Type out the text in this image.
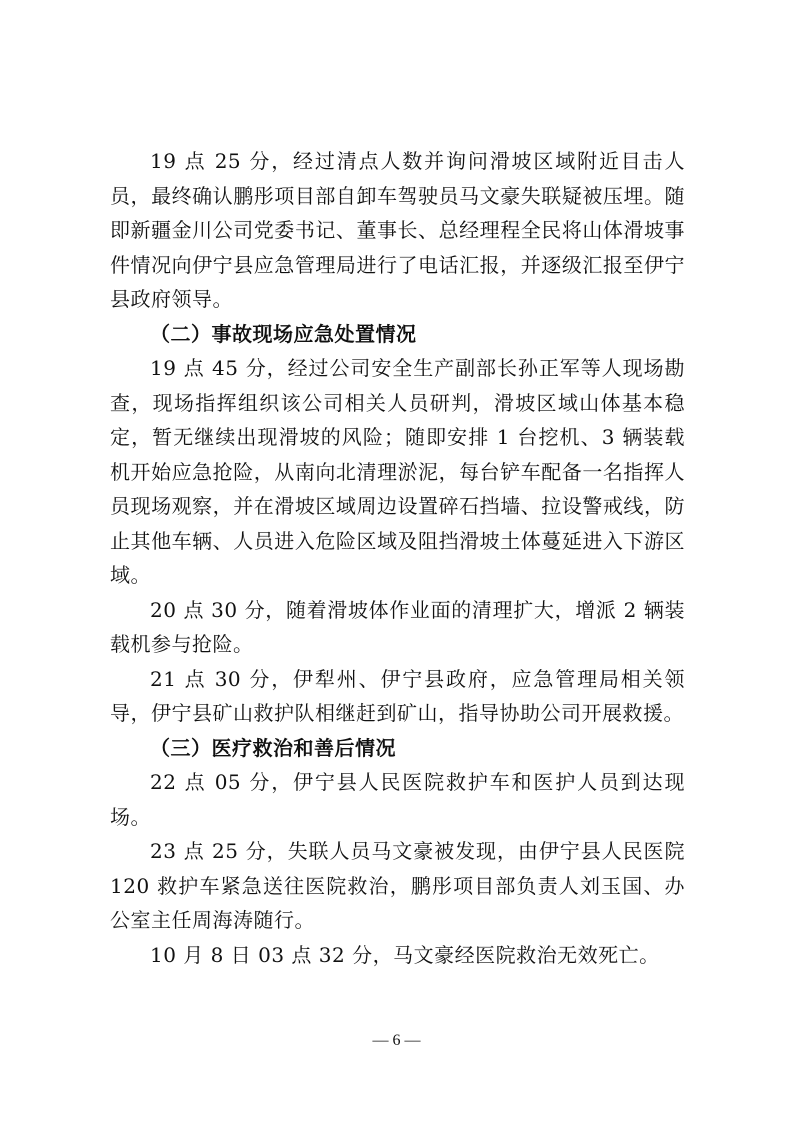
19 点 25 分，经过清点人数并询问滑坡区域附近目击人员，最终确认鹏彤项目部自卸车驾驶员马文豪失联疑被压埋。随即新疆金川公司党委书记、董事长、总经理程全民将山体滑坡事件情况向伊宁县应急管理局进行了电话汇报，并逐级汇报至伊宁县政府领导。

（二）事故现场应急处置情况

19 点 45 分，经过公司安全生产副部长孙正军等人现场勘查，现场指挥组织该公司相关人员研判，滑坡区域山体基本稳定，暂无继续出现滑坡的风险；随即安排 1 台挖机、3 辆装载机开始应急抢险，从南向北清理淤泥，每台铲车配备一名指挥人员现场观察，并在滑坡区域周边设置碎石挡墙、拉设警戒线，防止其他车辆、人员进入危险区域及阻挡滑坡土体蔓延进入下游区域。

20 点 30 分，随着滑坡体作业面的清理扩大，增派 2 辆装载机参与抢险。

21 点 30 分，伊犁州、伊宁县政府，应急管理局相关领导，伊宁县矿山救护队相继赶到矿山，指导协助公司开展救援。

（三）医疗救治和善后情况

22 点 05 分，伊宁县人民医院救护车和医护人员到达现场。

23 点 25 分，失联人员马文豪被发现，由伊宁县人民医院 120 救护车紧急送往医院救治，鹏彤项目部负责人刘玉国、办公室主任周海涛随行。

10 月 8 日 03 点 32 分，马文豪经医院救治无效死亡。

— 6 —
